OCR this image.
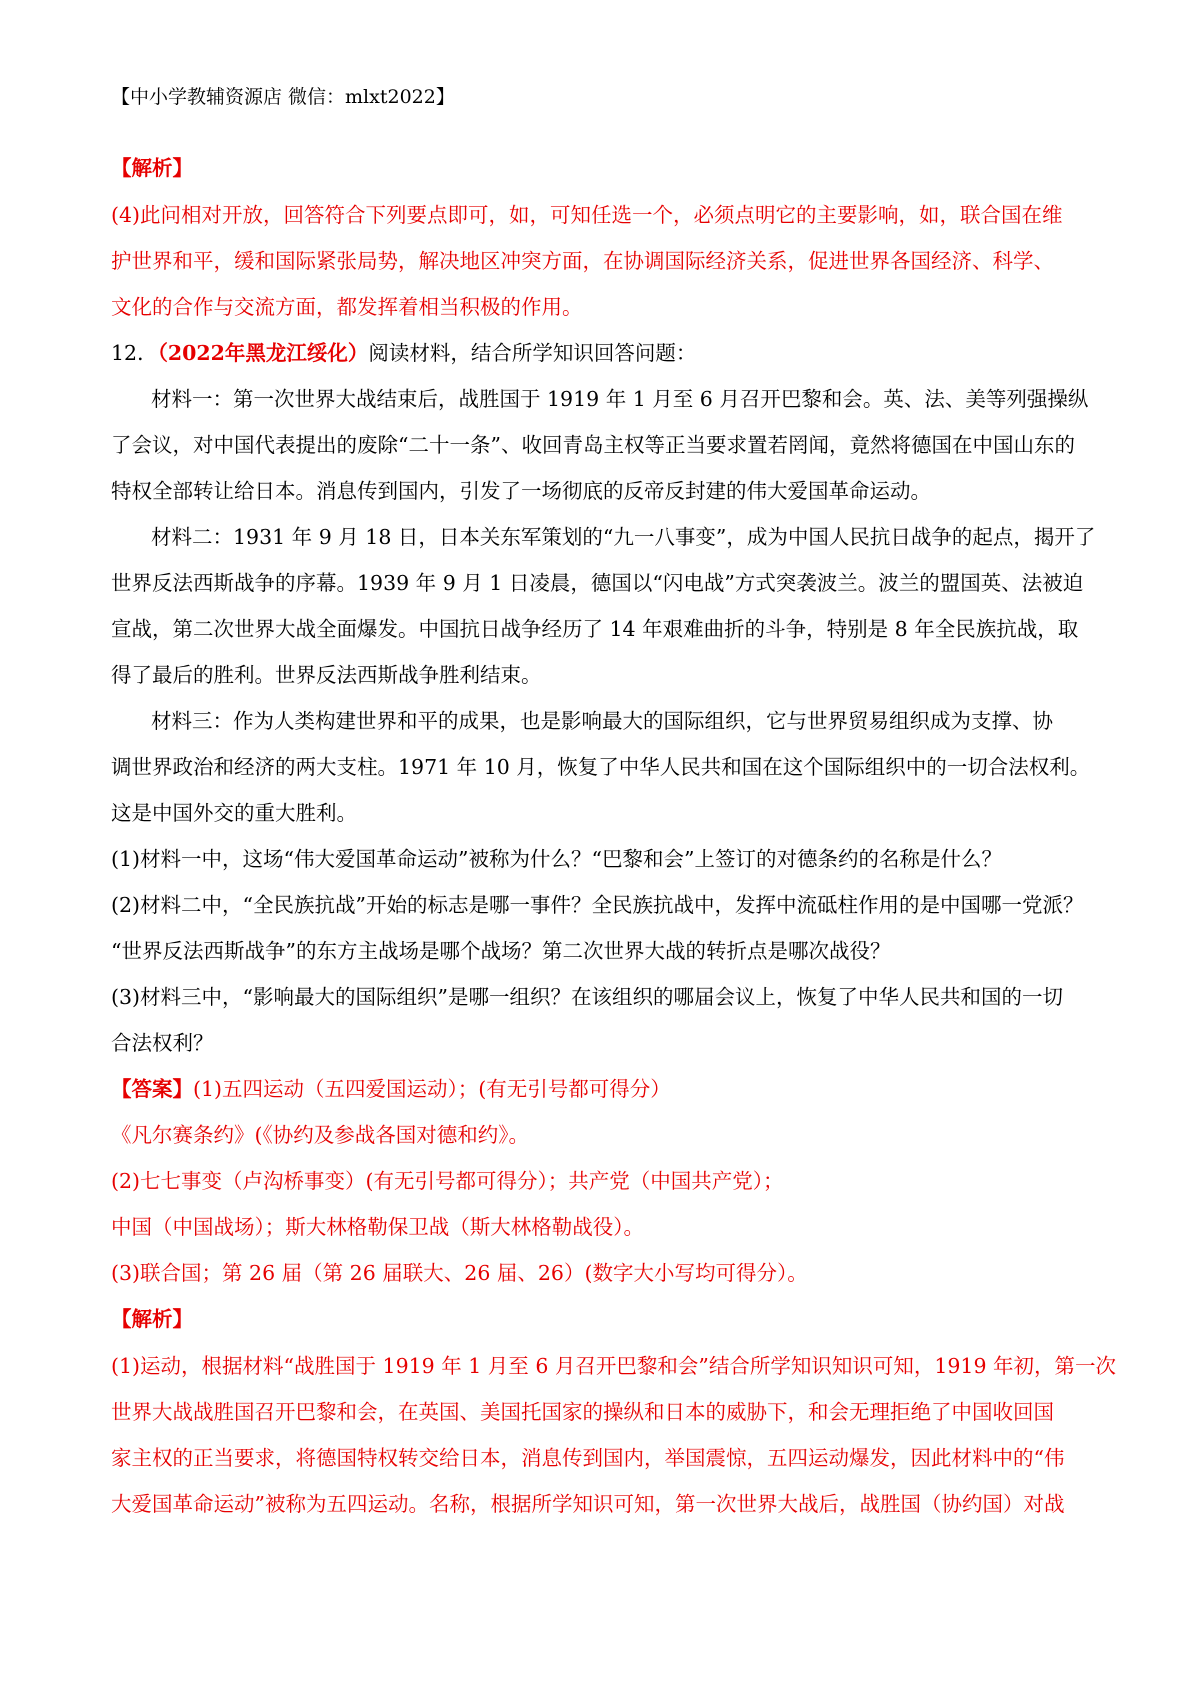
【中小学教辅资源店 微信：mlxt2022】
【解析】
(4)此问相对开放，回答符合下列要点即可，如，可知任选一个，必须点明它的主要影响，如，联合国在维
护世界和平，缓和国际紧张局势，解决地区冲突方面，在协调国际经济关系，促进世界各国经济、科学、
文化的合作与交流方面，都发挥着相当积极的作用。
12．（2022年黑龙江绥化）阅读材料，结合所学知识回答问题：
材料一：第一次世界大战结束后，战胜国于 1919 年 1 月至 6 月召开巴黎和会。英、法、美等列强操纵
了会议，对中国代表提出的废除“二十一条”、收回青岛主权等正当要求置若罔闻，竟然将德国在中国山东的
特权全部转让给日本。消息传到国内，引发了一场彻底的反帝反封建的伟大爱国革命运动。
材料二：1931 年 9 月 18 日，日本关东军策划的“九一八事变”，成为中国人民抗日战争的起点，揭开了
世界反法西斯战争的序幕。1939 年 9 月 1 日凌晨，德国以“闪电战”方式突袭波兰。波兰的盟国英、法被迫
宣战，第二次世界大战全面爆发。中国抗日战争经历了 14 年艰难曲折的斗争，特别是 8 年全民族抗战，取
得了最后的胜利。世界反法西斯战争胜利结束。
材料三：作为人类构建世界和平的成果，也是影响最大的国际组织，它与世界贸易组织成为支撑、协
调世界政治和经济的两大支柱。1971 年 10 月，恢复了中华人民共和国在这个国际组织中的一切合法权利。
这是中国外交的重大胜利。
(1)材料一中，这场“伟大爱国革命运动”被称为什么？“巴黎和会”上签订的对德条约的名称是什么？
(2)材料二中，“全民族抗战”开始的标志是哪一事件？全民族抗战中，发挥中流砥柱作用的是中国哪一党派？
“世界反法西斯战争”的东方主战场是哪个战场？第二次世界大战的转折点是哪次战役？
(3)材料三中，“影响最大的国际组织”是哪一组织？在该组织的哪届会议上，恢复了中华人民共和国的一切
合法权利？
【答案】(1)五四运动（五四爱国运动）；(有无引号都可得分）
《凡尔赛条约》(《协约及参战各国对德和约》。
(2)七七事变（卢沟桥事变）(有无引号都可得分）；共产党（中国共产党）；
中国（中国战场）；斯大林格勒保卫战（斯大林格勒战役）。
(3)联合国；第 26 届（第 26 届联大、26 届、26）(数字大小写均可得分）。
【解析】
(1)运动，根据材料“战胜国于 1919 年 1 月至 6 月召开巴黎和会”结合所学知识知识可知，1919 年初，第一次
世界大战战胜国召开巴黎和会，在英国、美国托国家的操纵和日本的威胁下，和会无理拒绝了中国收回国
家主权的正当要求，将德国特权转交给日本，消息传到国内，举国震惊，五四运动爆发，因此材料中的“伟
大爱国革命运动”被称为五四运动。名称，根据所学知识可知，第一次世界大战后，战胜国（协约国）对战
